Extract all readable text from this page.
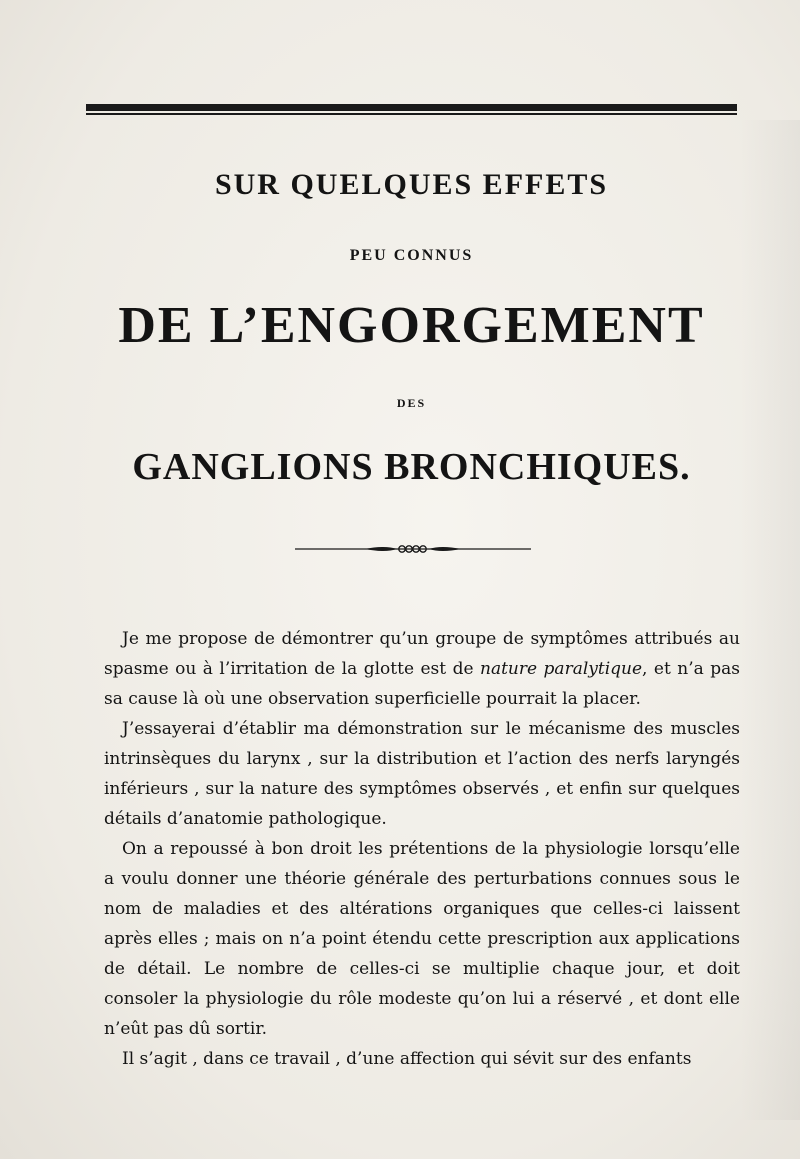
SUR QUELQUES EFFETS
PEU CONNUS
DE L’ENGORGEMENT
DES
GANGLIONS BRONCHIQUES.

Je me propose de démontrer qu’un groupe de symptômes attribués au spasme ou à l’irritation de la glotte est de nature paralytique, et n’a pas sa cause là où une observation superficielle pourrait la placer.

J’essayerai d’établir ma démonstration sur le mécanisme des muscles intrinsèques du larynx , sur la distribution et l’action des nerfs laryngés inférieurs , sur la nature des symptômes observés , et enfin sur quelques détails d’anatomie pathologique.

On a repoussé à bon droit les prétentions de la physiologie lorsqu’elle a voulu donner une théorie générale des perturbations connues sous le nom de maladies et des altérations organiques que celles-ci laissent après elles ; mais on n’a point étendu cette prescription aux applications de détail. Le nombre de celles-ci se multiplie chaque jour, et doit consoler la physiologie du rôle modeste qu’on lui a réservé , et dont elle n’eût pas dû sortir.

Il s’agit , dans ce travail , d’une affection qui sévit sur des enfants
